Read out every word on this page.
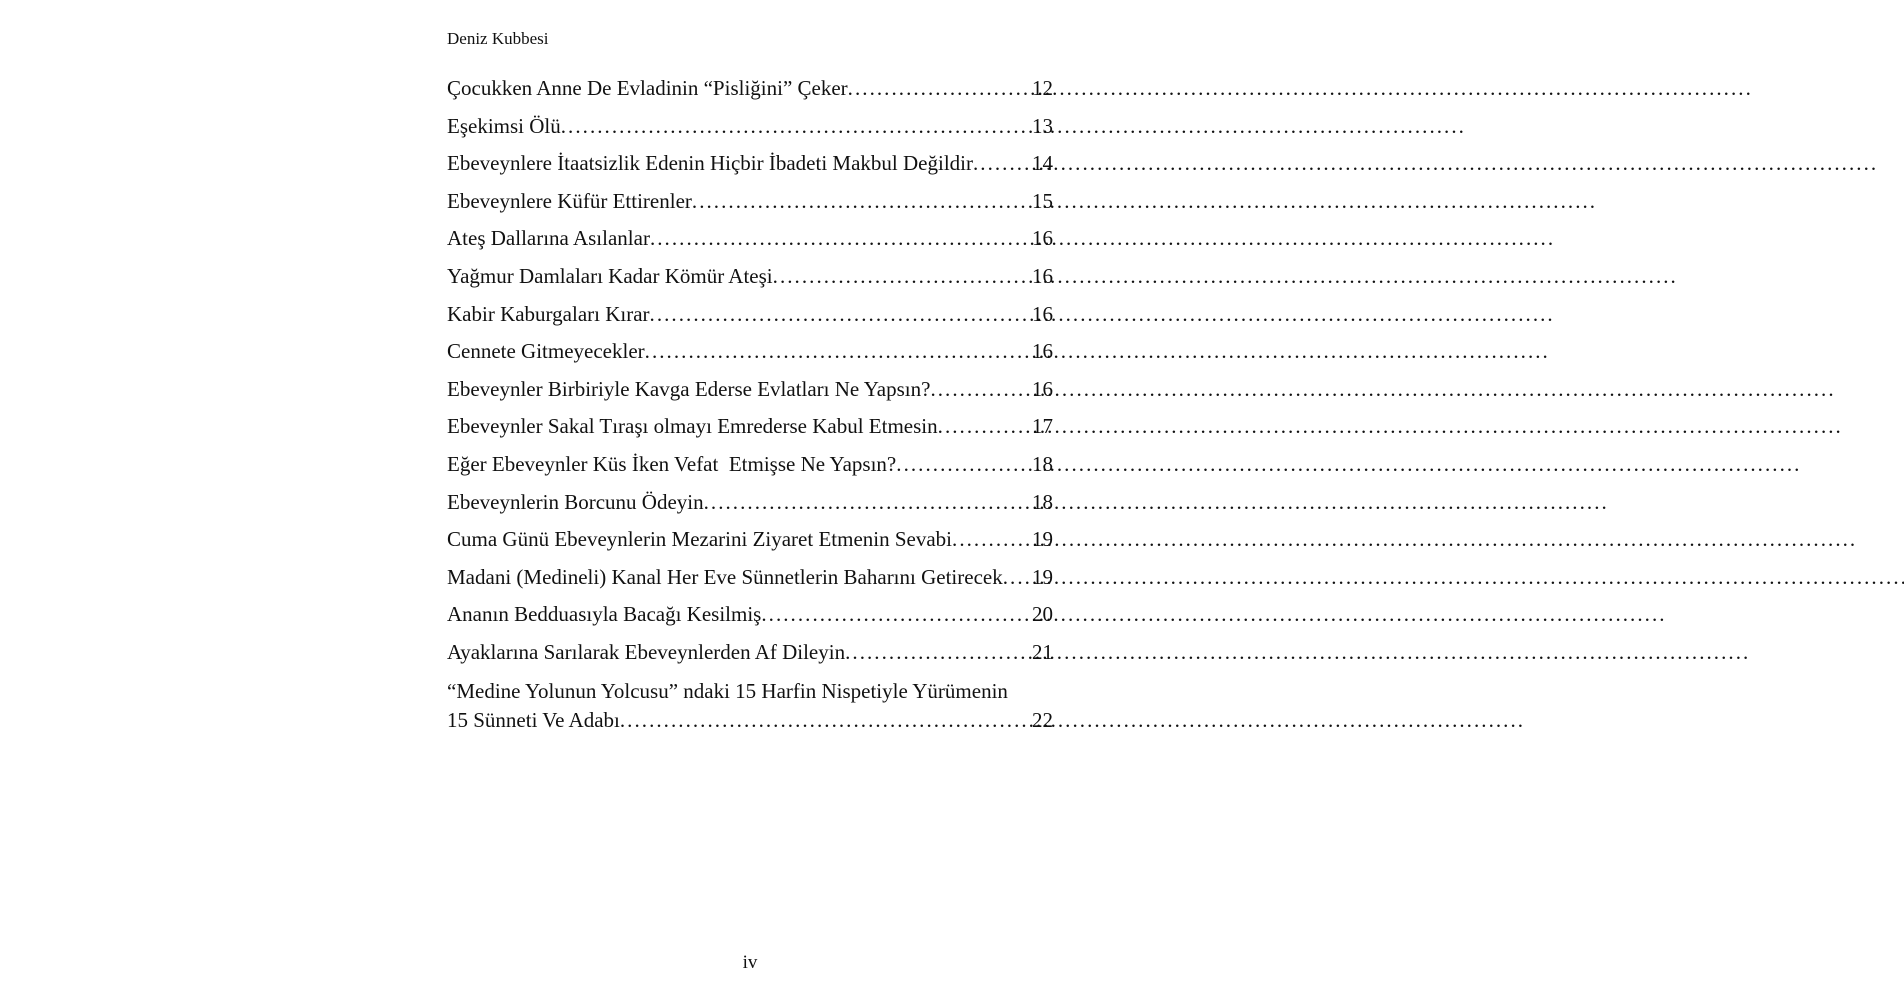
Deniz Kubbesi
Çocukken Anne De Evladinin “Pisliğini” Çeker . . .	12
Eşekimsi Ölü . . .	13
Ebeveynlere İtaatsizlik Edenin Hiçbir İbadeti Makbul Değildir . . .	14
Ebeveynlere Küfür Ettirenler . . .	15
Ateş Dallarına Asılanlar . . .	16
Yağmur Damlaları Kadar Kömür Ateşi . . .	16
Kabir Kaburgaları Kırar . . .	16
Cennete Gitmeyecekler . . .	16
Ebeveynler Birbiriyle Kavga Ederse Evlatları Ne Yapsın? . . .	16
Ebeveynler Sakal Tıraşı olmayı Emrederse Kabul Etmesin . . .	17
Eğer Ebeveynler Küs İken Vefat  Etmişse Ne Yapsın? . . .	18
Ebeveynlerin Borcunu Ödeyin . . .	18
Cuma Günü Ebeveynlerin Mezarini Ziyaret Etmenin Sevabi . . .	19
Madani (Medineli) Kanal Her Eve Sünnetlerin Baharını Getirecek . . . 19
Ananın Bedduasıyla Bacağı Kesilmiş . . .	20
Ayaklarına Sarılarak Ebeveynlerden Af Dileyin . . .	21
“Medine Yolunun Yolcusu” ndaki 15 Harfin Nispetiyle Yürümenin
15 Sünneti Ve Adabı . . .	22
iv
